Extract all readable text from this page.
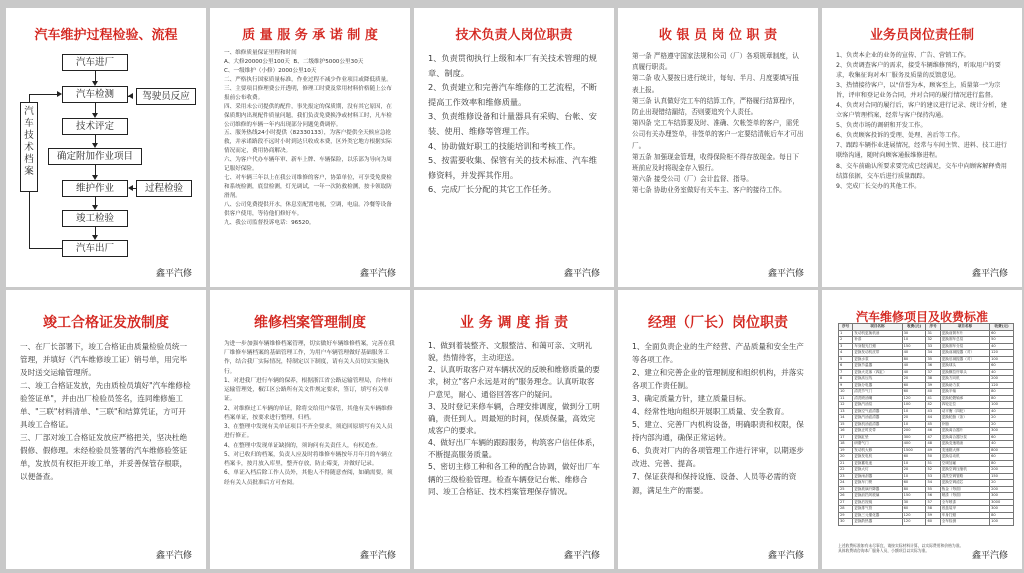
汽车维护过程检验、流程
汽车技术档案
汽车进厂
汽车检测
技术评定
确定附加作业项目
维护作业
竣工检验
汽车出厂
驾驶员反应
过程检验
鑫平汽修
质 量 服 务 承 诺 制 度
一、维修质量保证里程和时间
A、大修20000公里100天  B、二级维护5000公里30天
C、一级维护（小修）2000公里10天
二、严格执行国家质量标准，作业过程不减少作业项目或降低质量。
三、主要项目修理费公开透明，修理工时费及常用材料价格随上公布报前公布收费。
四、采用未公司提供的配件，事先报定的保质期，没有其它原因，在保质期内出现配件质量问题，我们负责免费换净或材料工时，凡车检公司维修的车辆一年内出现部分问题免费调停。
五、服务热线24小时提供（82330133），为客户提供全天候应急抢救，并承诺路段不远时小时到达只收成本费，区外类它地方根据实际情况而定，费用协商解决。
六、为客户代办车辆年审、新车上牌、车辆保险，以乐部为导向为周记服好保险。
七、对车辆三年以上在我公司维修的客户，协第单位，可享受免费检和系统检测，底盘检测，灯光调试，一年一次防救检测，按卡领取防滑剂。
八、公司免费提供开水，休息室配置电视，空调，电扇。冷餐等设备供客户使用，等待他们修好车。
九、我公司监督投诉电话：96520。
鑫平汽修
技术负责人岗位职责
1、负责贯彻执行上级和本厂有关技术管理的规章、制度。
2、负责建立和完善汽车维修的工艺流程，不断提高工作效率和维修质量。
3、负责维修设备和计量器具有采购、台帐、安装、使用、维修等管理工作。
4、协助做好职工的技能培训和考核工作。
5、按需要收集、保管有关的技术标准、汽车维修资料，并发挥其作用。
6、完成厂长分配的其它工作任务。
鑫平汽修
收 银 员 岗 位 职 责
第一条 严格遵守国家法规和公司（厂）各项规章制度，认真履行职责。
第二条 收入要按日进行统计，每旬、半月、月度要填写报表上报。
第三条 认真做好完工车的结算工作，严格履行结算程序，防止出现错结漏结，否则要追究个人责任。
第四条 完工车结算要及时、准确、欠帐签单的客户，需凭公司有关办理签单，非签单的客户一定要结清帐后车才可出厂。
第五条 加强现金管理，收得保险柜不得存放现金。每日下班前应及时将现金存入银行。
第六条 接受公司（厂）会计监督、指导。
第七条 协助业务室做好有关车主、客户的接待工作。
鑫平汽修
业务员岗位责任制
1、负责本企业的业务的宣传、广告、营销工作。
2、负责调查客户的需求，接受车辆维修预约，听取用户的要求，收集征询对本厂服务及质量的反馈意见。
3、热情接待客户，以"信誉为本，顾客至上，质量第一"为宗旨，评审和登记业务合同，并对合同的履行情况进行监督。
4、负责对合同的履行后，客户的建议进行记录、统计分析，建立客户管理档案，经常与客户保持沟通。
5、负责市场的调研和开发工作。
6、负责顾客投诉的受理、处理、善后等工作。
7、跟踪车辆作业进展情况，经常与车间主管、进料、技工进行联络沟通，随时向顾客通报维修进程。
8、交车前确认所要求要完成已经满足，交车中向顾客解释费用结算依据，交车后进行质量跟踪。
9、完成厂长交办的其他工作。
鑫平汽修
竣工合格证发放制度
一、在厂长部署下，竣工合格证由质量检验员统一管理，并填好（汽车维修竣工证）销号单，用完毕及时送交运输管理所。
二、竣工合格证发放，先由质检员填好"汽车维修检验签证单"，并由出厂检验员签名，连同维修施工单、"三联"材料清单、"三联"和结算凭证，方可开具竣工合格证。
三、厂部对竣工合格证发放应严格把关，坚决杜绝假修、假修理。未经检验员签署的汽车维修验签证单，发放员有权拒开竣工单，并妥善保管存根联，以便备查。
鑫平汽修
维修档案管理制度
为进一步加强车辆维修档案管理，切实做好车辆维修档案，完善在我厂维修车辆档案的基础管理工作，为用户车辆管理做好基础服务工作，结合我厂实际情况，特制定以下制度，请有关人员切实实施执行。
1、对进我厂进行车辆的保养，根据浙江省公路运输管理局，台州市运输管理处，椒江区公路所有关文件规定要求，签订，填写有关单证。
2、对维修过工车辆的单证，除将交给用户保管，其他有关车辆维修档案单证，按要求进行整理，归档。
3、在整理中发现有关单证项目不齐全要求，须追回原填写有关人员进行修正。
4、在整理中发现单证缺损的，须询问有关责任人，有权追查。
5、对已收归的档案，负责人应及时将维修车辆按年月年月的车辆立档案卡，按月放入库里，整齐存放，防止霉变，并做好记录。
6、单证入档后除工作人员外，其他人不得随意查阅，如确需要，须经有关人员批准后方可查阅。
鑫平汽修
业 务 调 度 指 责
1、做到着装整齐、文服整洁、和蔼可亲、文明礼貌，热情待客，主动迎送。
2、认真听取客户对车辆状况的反映和维修质量的要求，树立"客户永远是对的"服务理念。认真听取客户意见，耐心、通俗回答客户的疑问。
3、及时登记来修车辆，合理安排调度，做到分工明确，责任到人。周最短的时间，保质保量，高效完成客户的要求。
4、做好出厂车辆的跟踪服务，构筑客户信任体系，不断提高服务质量。
5、密切主修工种和各工种的配合协调，做好出厂车辆的三级检验管理。检查车辆登记台帐、维修合同、竣工合格证、技术档案管理保存情况。
鑫平汽修
经理（厂长）岗位职责
1、全面负责企业的生产经营、产品质量和安全生产等各项工作。
2、建立和完善企业的管理制度和组织机构，并落实各项工作责任制。
3、确定质量方针，建立质量目标。
4、经常性地向组织开展职工质量、安全教育。
5、建立、完善厂内机构设备，明确职责和权限，保持内部沟通，确保正常运转。
6、负责对厂内的各项管理工作进行评审，以期逐步改进、完善、提高。
7、保证获得和保持设施、设备、人员等必需的资源，满足生产的需要。
鑫平汽修
汽车维修项目及收费标准
鑫平汽修
序号	项目名称	收费(元)	序号	项目名称	收费(元)
1	发动机更换机油	30	31	更换前刹车片	60
2	补漆	10	32	更换刹车总泵	50
3	车身抛光打蜡	150	33	更换刹车分泵	40
4	更换发动机皮带	40	34	更换前减振器（对）	120
5	更换水泵	80	35	更换后减振器（对）	100
6	更换节温器	40	36	更换球头	60
7	更换火花塞（四缸）	40	37	更换横拉杆球头	40
8	更换高压线	20	38	更换方向机	200
9	更换分电器	60	39	更换助力泵	120
10	清洗节气门	60	40	更换半轴	80
11	清洗喷油嘴	120	41	更换轮毂轴承	80
12	更换汽油泵	100	42	四轮定位	100
13	更换空气滤清器	10	43	动平衡（四轮）	40
14	更换汽油滤清器	20	44	更换轮胎（条）	20
15	更换机油滤清器	10	45	补胎	20
16	更换正时皮带	200	46	更换离合器片	300
17	更换缸垫	300	47	更换离合器分泵	60
18	研磨气门	400	48	更换变速箱油	40
19	发动机大修	1500	49	变速箱大修	800
20	更换发电机	60	50	更换启动机	60
21	更换蓄电池	10	51	空调加氟	80
22	更换大灯	20	52	更换空调压缩机	200
23	更换雨刮器	10	53	清洗空调管路	150
24	更换车门锁	60	54	更换空调滤芯	20
25	更换玻璃升降器	80	55	钣金（每面）	200
26	更换前挡风玻璃	150	56	喷漆（每面）	300
27	更换后视镜	30	57	全车喷漆	3000
28	更换排气管	60	58	底盘装甲	300
29	更换三元催化器	120	59	车身打蜡	80
30	更换散热器	120	60	全车检测	100
上述收费标准如有未尽事宜，请按实际材料计算，以实际费用和价格为准。
具体收费请咨询本厂服务人员，小额项目以实际为准。
